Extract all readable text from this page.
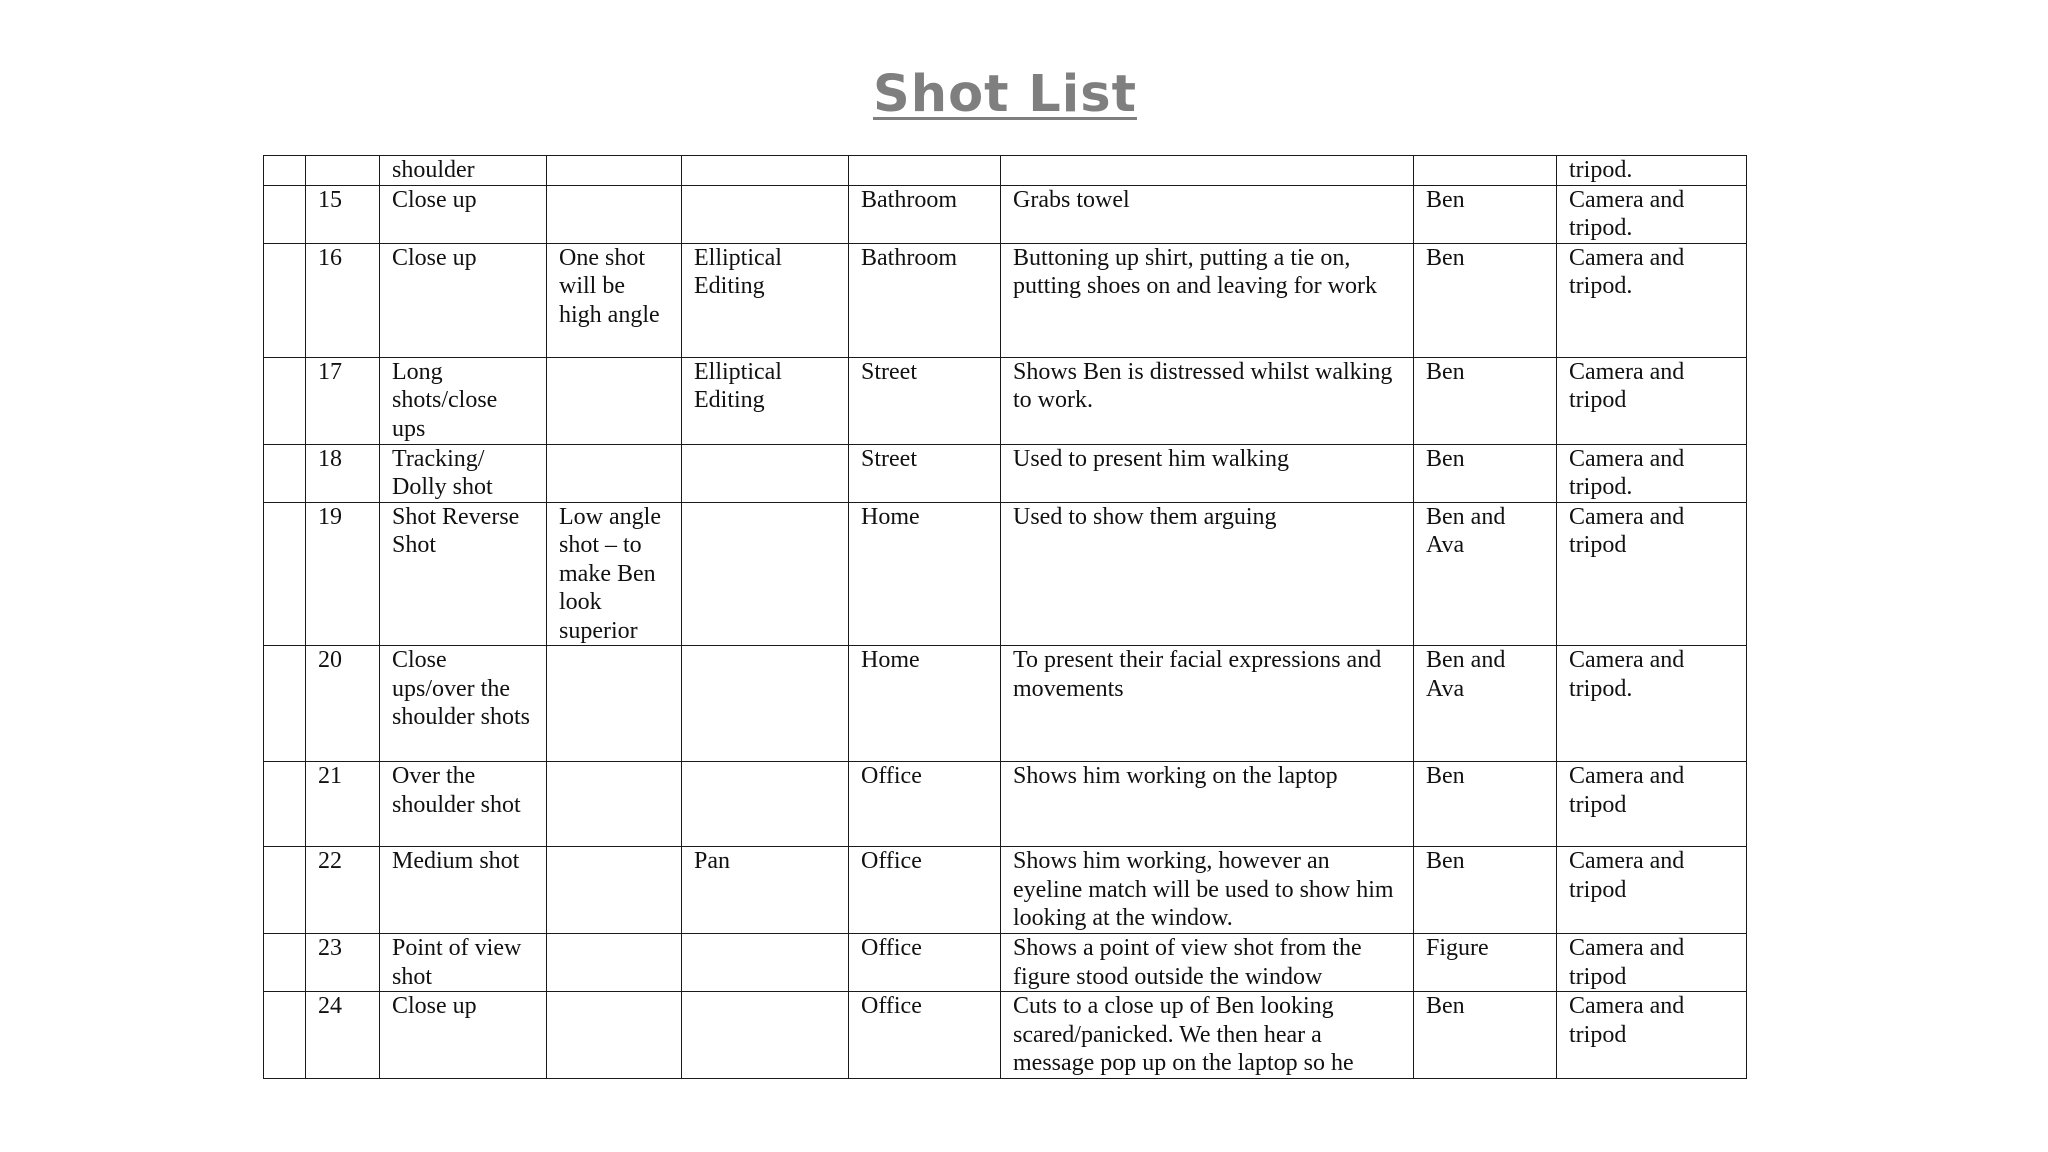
Shot List
		shoulder						tripod.
	15	Close up			Bathroom	Grabs towel	Ben	Camera and tripod.
	16	Close up	One shot will be high angle	Elliptical Editing	Bathroom	Buttoning up shirt, putting a tie on, putting shoes on and leaving for work	Ben	Camera and tripod.
	17	Long shots/close ups		Elliptical Editing	Street	Shows Ben is distressed whilst walking to work.	Ben	Camera and tripod
	18	Tracking/ Dolly shot			Street	Used to present him walking	Ben	Camera and tripod.
	19	Shot Reverse Shot	Low angle shot – to make Ben look superior		Home	Used to show them arguing	Ben and Ava	Camera and tripod
	20	Close ups/over the shoulder shots			Home	To present their facial expressions and movements	Ben and Ava	Camera and tripod.
	21	Over the shoulder shot			Office	Shows him working on the laptop	Ben	Camera and tripod
	22	Medium shot		Pan	Office	Shows him working, however an eyeline match will be used to show him looking at the window.	Ben	Camera and tripod
	23	Point of view shot			Office	Shows a point of view shot from the figure stood outside the window	Figure	Camera and tripod
	24	Close up			Office	Cuts to a close up of Ben looking scared/panicked. We then hear a message pop up on the laptop so he	Ben	Camera and tripod
